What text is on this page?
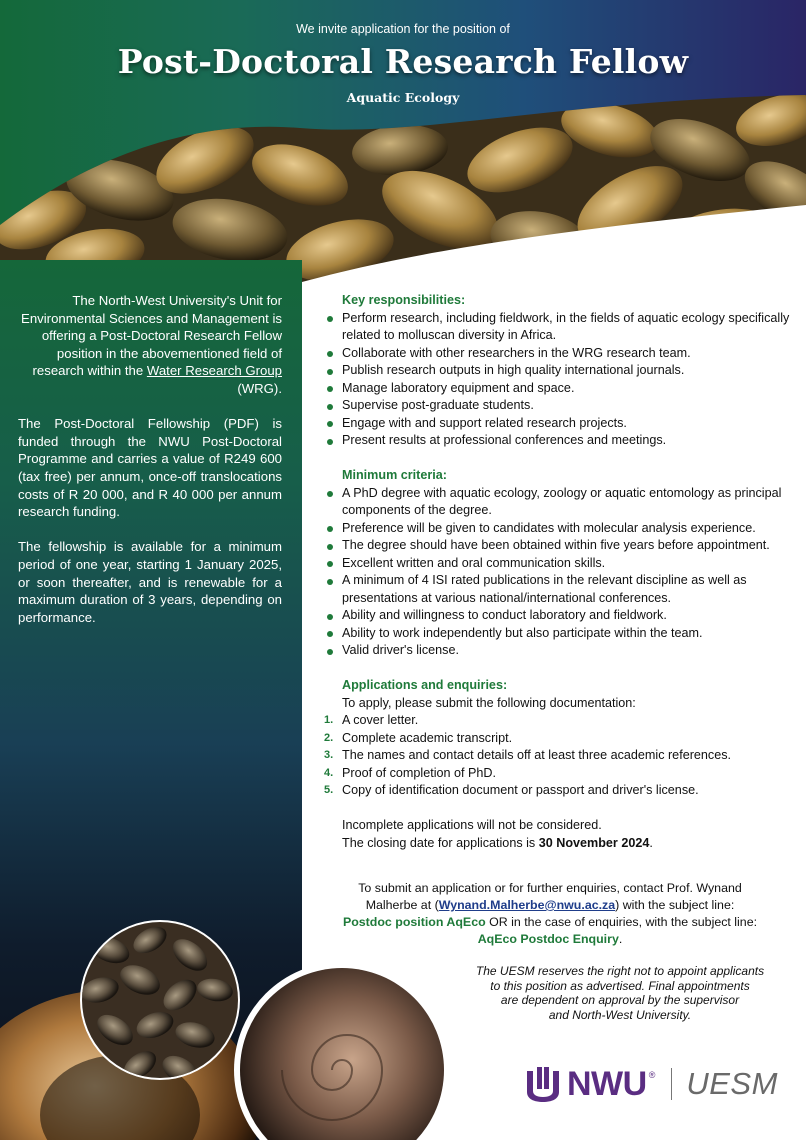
We invite application for the position of
Post-Doctoral Research Fellow
Aquatic Ecology

The North-West University's Unit for Environmental Sciences and Management is offering a Post-Doctoral Research Fellow position in the abovementioned field of research within the Water Research Group (WRG).

The Post-Doctoral Fellowship (PDF) is funded through the NWU Post-Doctoral Programme and carries a value of R249 600 (tax free) per annum, once-off translocations costs of R 20 000, and R 40 000 per annum research funding.

The fellowship is available for a minimum period of one year, starting 1 January 2025, or soon thereafter, and is renewable for a maximum duration of 3 years, depending on performance.

Key responsibilities:
Perform research, including fieldwork, in the fields of aquatic ecology specifically related to molluscan diversity in Africa.
Collaborate with other researchers in the WRG research team.
Publish research outputs in high quality international journals.
Manage laboratory equipment and space.
Supervise post-graduate students.
Engage with and support related research projects.
Present results at professional conferences and meetings.
Minimum criteria:
A PhD degree with aquatic ecology, zoology or aquatic entomology as principal components of the degree.
Preference will be given to candidates with molecular analysis experience.
The degree should have been obtained within five years before appointment.
Excellent written and oral communication skills.
A minimum of 4 ISI rated publications in the relevant discipline as well as presentations at various national/international conferences.
Ability and willingness to conduct laboratory and fieldwork.
Ability to work independently but also participate within the team.
Valid driver's license.
Applications and enquiries:
To apply, please submit the following documentation:
1. A cover letter.
2. Complete academic transcript.
3. The names and contact details off at least three academic references.
4. Proof of completion of PhD.
5. Copy of identification document or passport and driver's license.
Incomplete applications will not be considered.
The closing date for applications is 30 November 2024.
To submit an application or for further enquiries, contact Prof. Wynand Malherbe at (Wynand.Malherbe@nwu.ac.za) with the subject line:
Postdoc position AqEco OR in the case of enquiries, with the subject line: AqEco Postdoc Enquiry.
The UESM reserves the right not to appoint applicants
to this position as advertised. Final appointments
are dependent on approval by the supervisor
and North-West University.
NWU ® UESM
